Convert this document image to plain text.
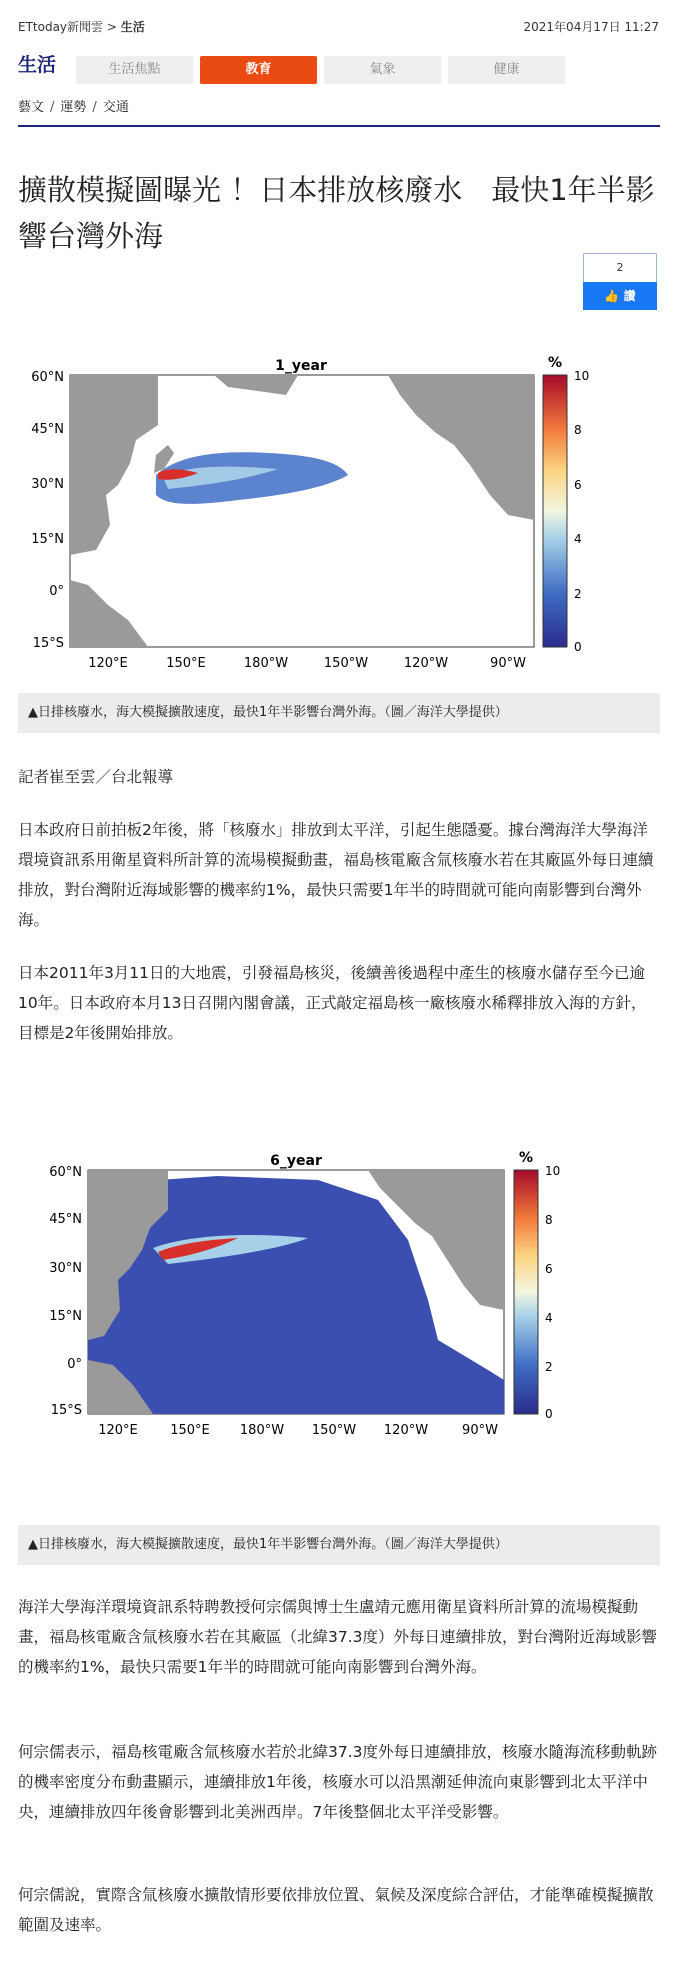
ETtoday新聞雲 > 生活	2021年04月17日 11:27
生活	生活焦點	教育	氣象	健康
藝文 / 運勢 / 交通
擴散模擬圖曝光 ！日本排放核廢水　最快1年半影響台灣外海
2
👍 讚
1_year
60°N
45°N
30°N
15°N
0°
15°S
120°E	150°E	180°W	150°W	120°W	90°W
%
10
8
6
4
2
0
▲日排核廢水，海大模擬擴散速度，最快1年半影響台灣外海。（圖／海洋大學提供）

記者崔至雲／台北報導

日本政府日前拍板2年後，將「核廢水」排放到太平洋，引起生態隱憂。據台灣海洋大學海洋環境資訊系用衛星資料所計算的流場模擬動畫，福島核電廠含氚核廢水若在其廠區外每日連續排放，對台灣附近海域影響的機率約1%，最快只需要1年半的時間就可能向南影響到台灣外海。

日本2011年3月11日的大地震，引發福島核災，後續善後過程中產生的核廢水儲存至今已逾10年。日本政府本月13日召開內閣會議，正式敲定福島核一廠核廢水稀釋排放入海的方針，目標是2年後開始排放。

6_year
60°N
45°N
30°N
15°N
0°
15°S
120°E 150°E 180°W 150°W 120°W	90°W
%
10
8
6
4
2
0
▲日排核廢水，海大模擬擴散速度，最快1年半影響台灣外海。（圖／海洋大學提供）

海洋大學海洋環境資訊系特聘教授何宗儒與博士生盧靖元應用衛星資料所計算的流場模擬動畫，福島核電廠含氚核廢水若在其廠區（北緯37.3度）外每日連續排放，對台灣附近海域影響的機率約1%，最快只需要1年半的時間就可能向南影響到台灣外海。

何宗儒表示，福島核電廠含氚核廢水若於北緯37.3度外每日連續排放，核廢水隨海流移動軌跡的機率密度分布動畫顯示，連續排放1年後，核廢水可以沿黑潮延伸流向東影響到北太平洋中央，連續排放四年後會影響到北美洲西岸。7年後整個北太平洋受影響。

何宗儒說，實際含氚核廢水擴散情形要依排放位置、氣候及深度綜合評估，才能準確模擬擴散範圍及速率。
